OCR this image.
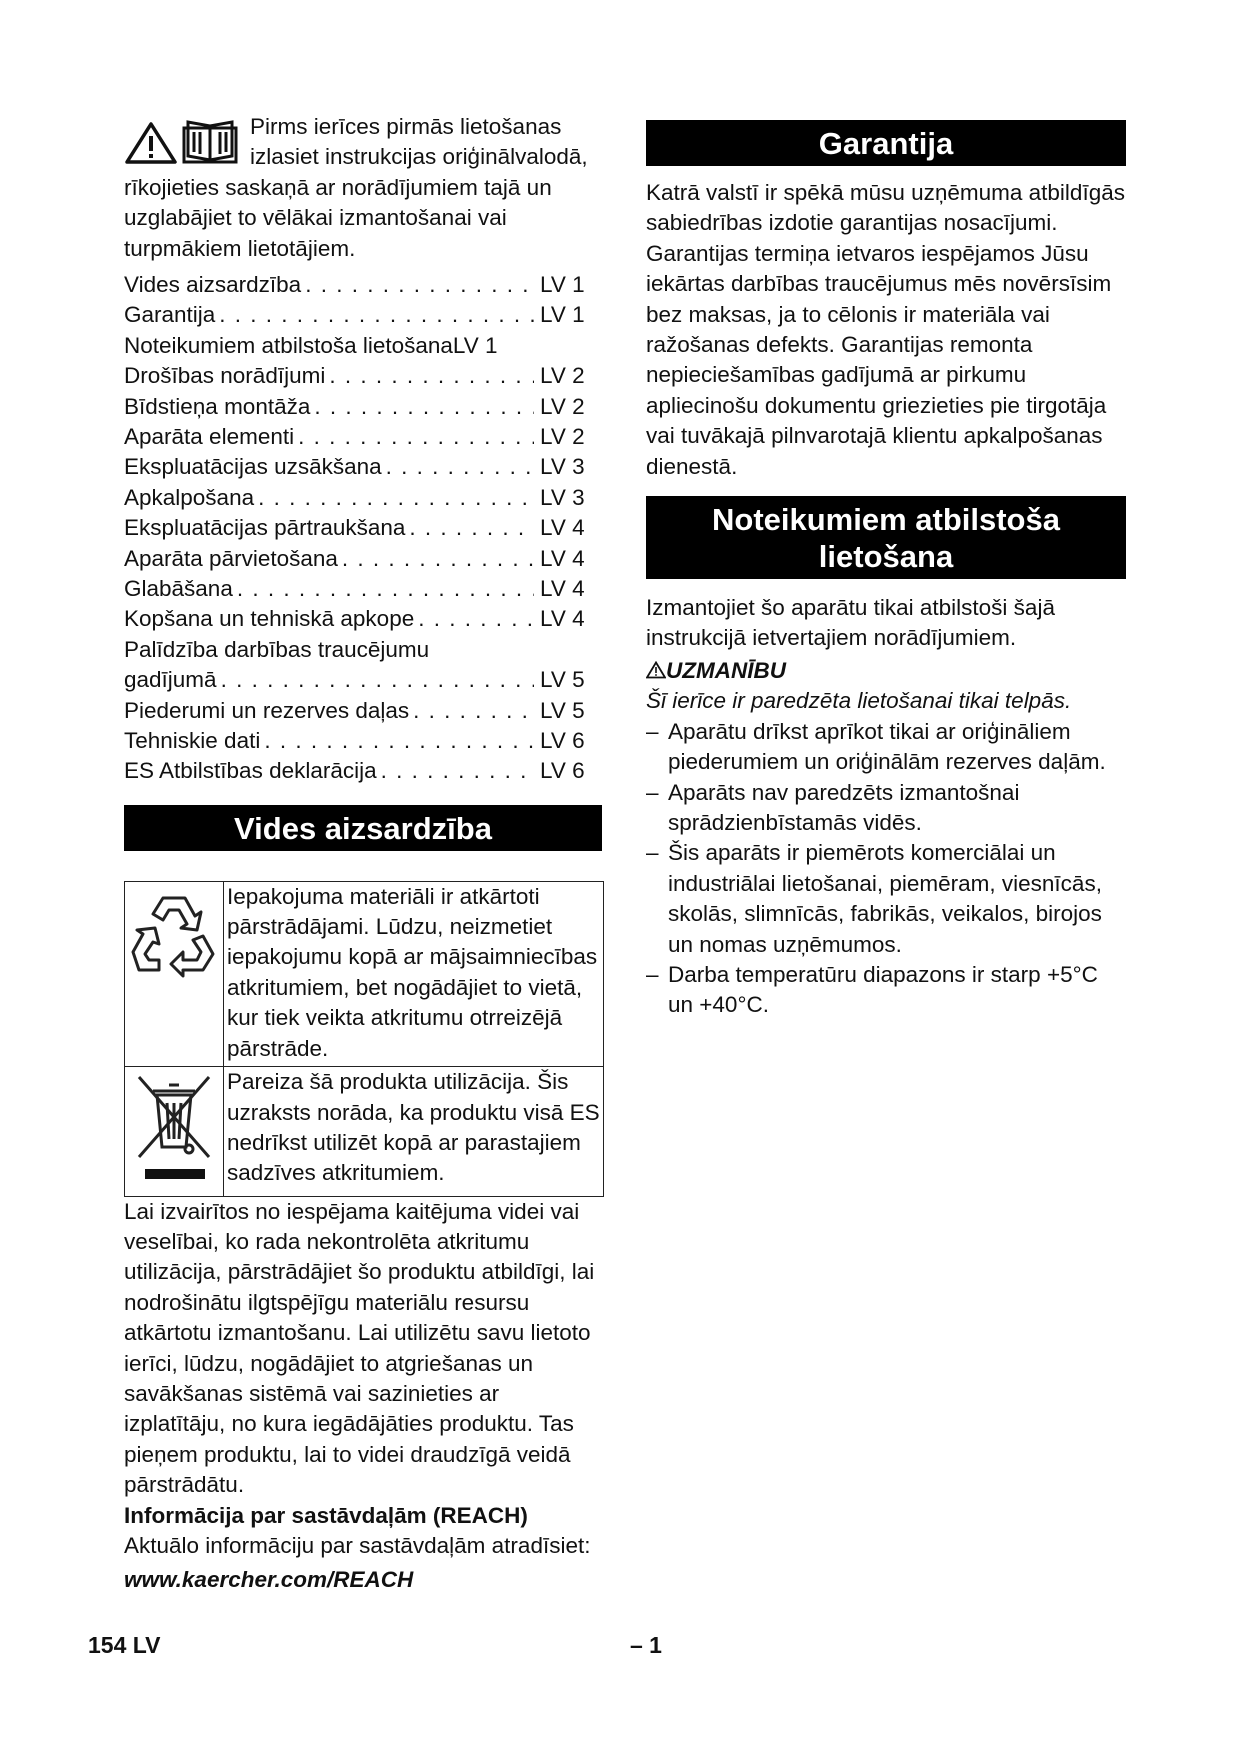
Pirms ierīces pirmās lietošanas izlasiet instrukcijas oriģinālvalodā, rīkojieties saskaņā ar norādījumiem tajā un uzglabājiet to vēlākai izmantošanai vai turpmākiem lietotājiem.

Vides aizsardzība . . .	LV 1
Garantija . . .	LV 1
Noteikumiem atbilstoša lietošana LV 1
Drošības norādījumi . . .	LV 2
Bīdstieņa montāža . . .	LV 2
Aparāta elementi . . .	LV 2
Ekspluatācijas uzsākšana . . .	LV 3
Apkalpošana . . .	LV 3
Ekspluatācijas pārtraukšana . . .	LV 4
Aparāta pārvietošana . . .	LV 4
Glabāšana . . .	LV 4
Kopšana un tehniskā apkope . . .	LV 4
Palīdzība darbības traucējumu
gadījumā . . .	LV 5
Piederumi un rezerves daļas . . .	LV 5
Tehniskie dati . . .	LV 6
ES Atbilstības deklarācija . . .	LV 6
Vides aizsardzība
	Iepakojuma materiāli ir atkārtoti pārstrādājami. Lūdzu, neizmetiet iepakojumu kopā ar mājsaimniecības atkritumiem, bet nogādājiet to vietā, kur tiek veikta atkritumu otrreizējā pārstrāde.
	Pareiza šā produkta utilizācija. Šis uzraksts norāda, ka produktu visā ES nedrīkst utilizēt kopā ar parastajiem sadzīves atkritumiem.

Lai izvairītos no iespējama kaitējuma videi vai veselībai, ko rada nekontrolēta atkritumu utilizācija, pārstrādājiet šo produktu atbildīgi, lai nodrošinātu ilgtspējīgu materiālu resursu atkārtotu izmantošanu. Lai utilizētu savu lietoto ierīci, lūdzu, nogādājiet to atgriešanas un savākšanas sistēmā vai sazinieties ar izplatītāju, no kura iegādājāties produktu. Tas pieņem produktu, lai to videi draudzīgā veidā pārstrādātu.

Informācija par sastāvdaļām (REACH)

Aktuālo informāciju par sastāvdaļām atradīsiet:

www.kaercher.com/REACH

Garantija

Katrā valstī ir spēkā mūsu uzņēmuma atbildīgās sabiedrības izdotie garantijas nosacījumi. Garantijas termiņa ietvaros iespējamos Jūsu iekārtas darbības traucējumus mēs novērsīsim bez maksas, ja to cēlonis ir materiāla vai ražošanas defekts. Garantijas remonta nepieciešamības gadījumā ar pirkumu apliecinošu dokumentu griezieties pie tirgotāja vai tuvākajā pilnvarotajā klientu apkalpošanas dienestā.

Noteikumiem atbilstoša
lietošana

Izmantojiet šo aparātu tikai atbilstoši šajā instrukcijā ietvertajiem norādījumiem.

UZMANĪBU

Šī ierīce ir paredzēta lietošanai tikai telpās.

– Aparātu drīkst aprīkot tikai ar oriģināliem piederumiem un oriģinālām rezerves daļām.
– Aparāts nav paredzēts izmantošnai sprādzienbīstamās vidēs.
– Šis aparāts ir piemērots komerciālai un industriālai lietošanai, piemēram, viesnīcās, skolās, slimnīcās, fabrikās, veikalos, birojos un nomas uzņēmumos.
– Darba temperatūru diapazons ir starp +5°C un +40°C.
154 LV	– 1
